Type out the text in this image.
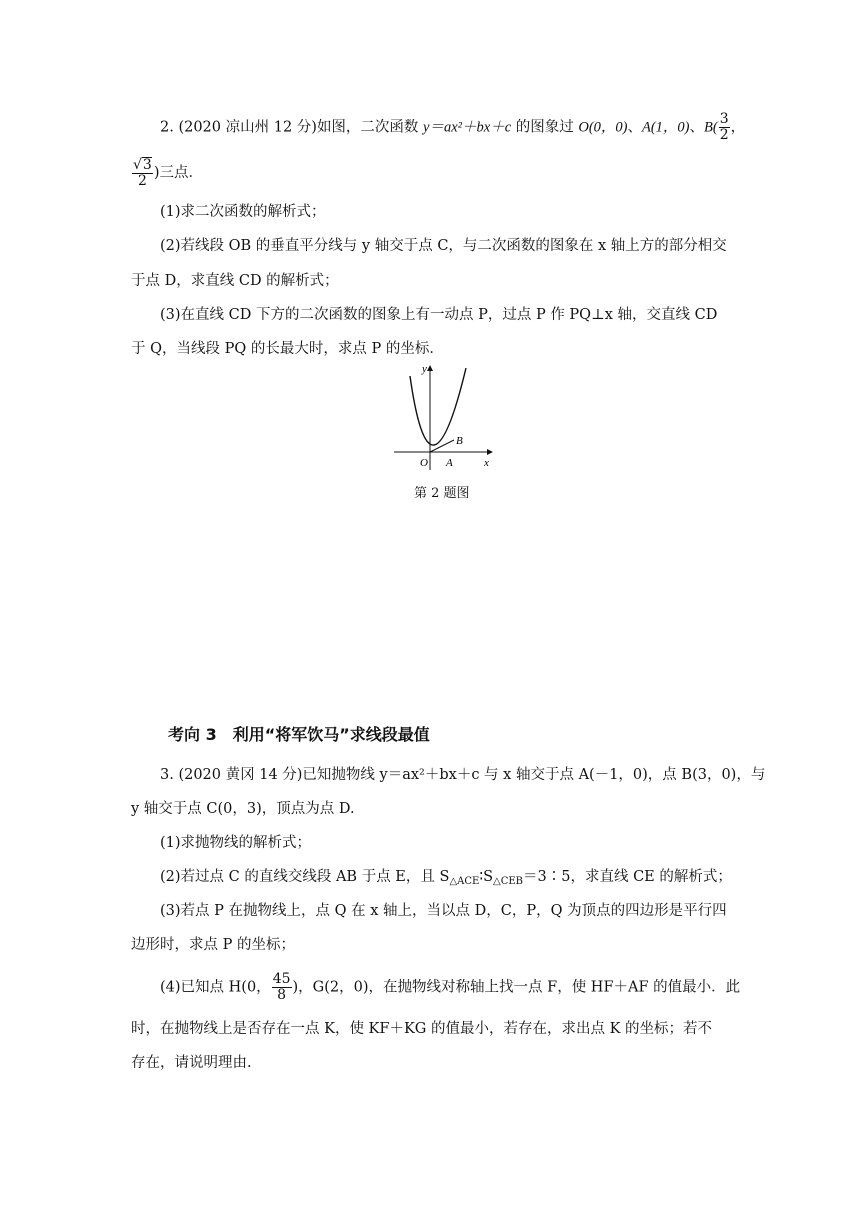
2. (2020 凉山州 12 分)如图，二次函数 y＝ax²＋bx＋c 的图象过 O(0，0)、A(1，0)、$B( \frac{3}{2}$ ，
$\frac{√3}{2}$ )三点．
(1)求二次函数的解析式；
(2)若线段 OB 的垂直平分线与 y 轴交于点 C，与二次函数的图象在 x 轴上方的部分相交
于点 D，求直线 CD 的解析式；
(3)在直线 CD 下方的二次函数的图象上有一动点 P，过点 P 作 PQ⊥x 轴，交直线 CD
于 Q，当线段 PQ 的长最大时，求点 P 的坐标．
y
x
O A
B
第 2 题图
考向 3　利用“将军饮马”求线段最值
3. (2020 黄冈 14 分)已知抛物线 y＝ax²＋bx＋c 与 x 轴交于点 A(－1，0)，点 B(3，0)，与
y 轴交于点 C(0，3)，顶点为点 D.
(1)求抛物线的解析式；
(2)若过点 C 的直线交线段 AB 于点 E，且 $S_{\triangle ACE}∶S_{\triangle CEB}=3∶5$，求直线 CE 的解析式；
(3)若点 P 在抛物线上，点 Q 在 x 轴上，当以点 D，C，P，Q 为顶点的四边形是平行四
边形时，求点 P 的坐标；
(4)已知点 H(0， $\frac{45}{8}$ )，G(2，0)，在抛物线对称轴上找一点 F，使 HF＋AF 的值最小．此
时，在抛物线上是否存在一点 K，使 KF＋KG 的值最小，若存在，求出点 K 的坐标；若不
存在，请说明理由.
